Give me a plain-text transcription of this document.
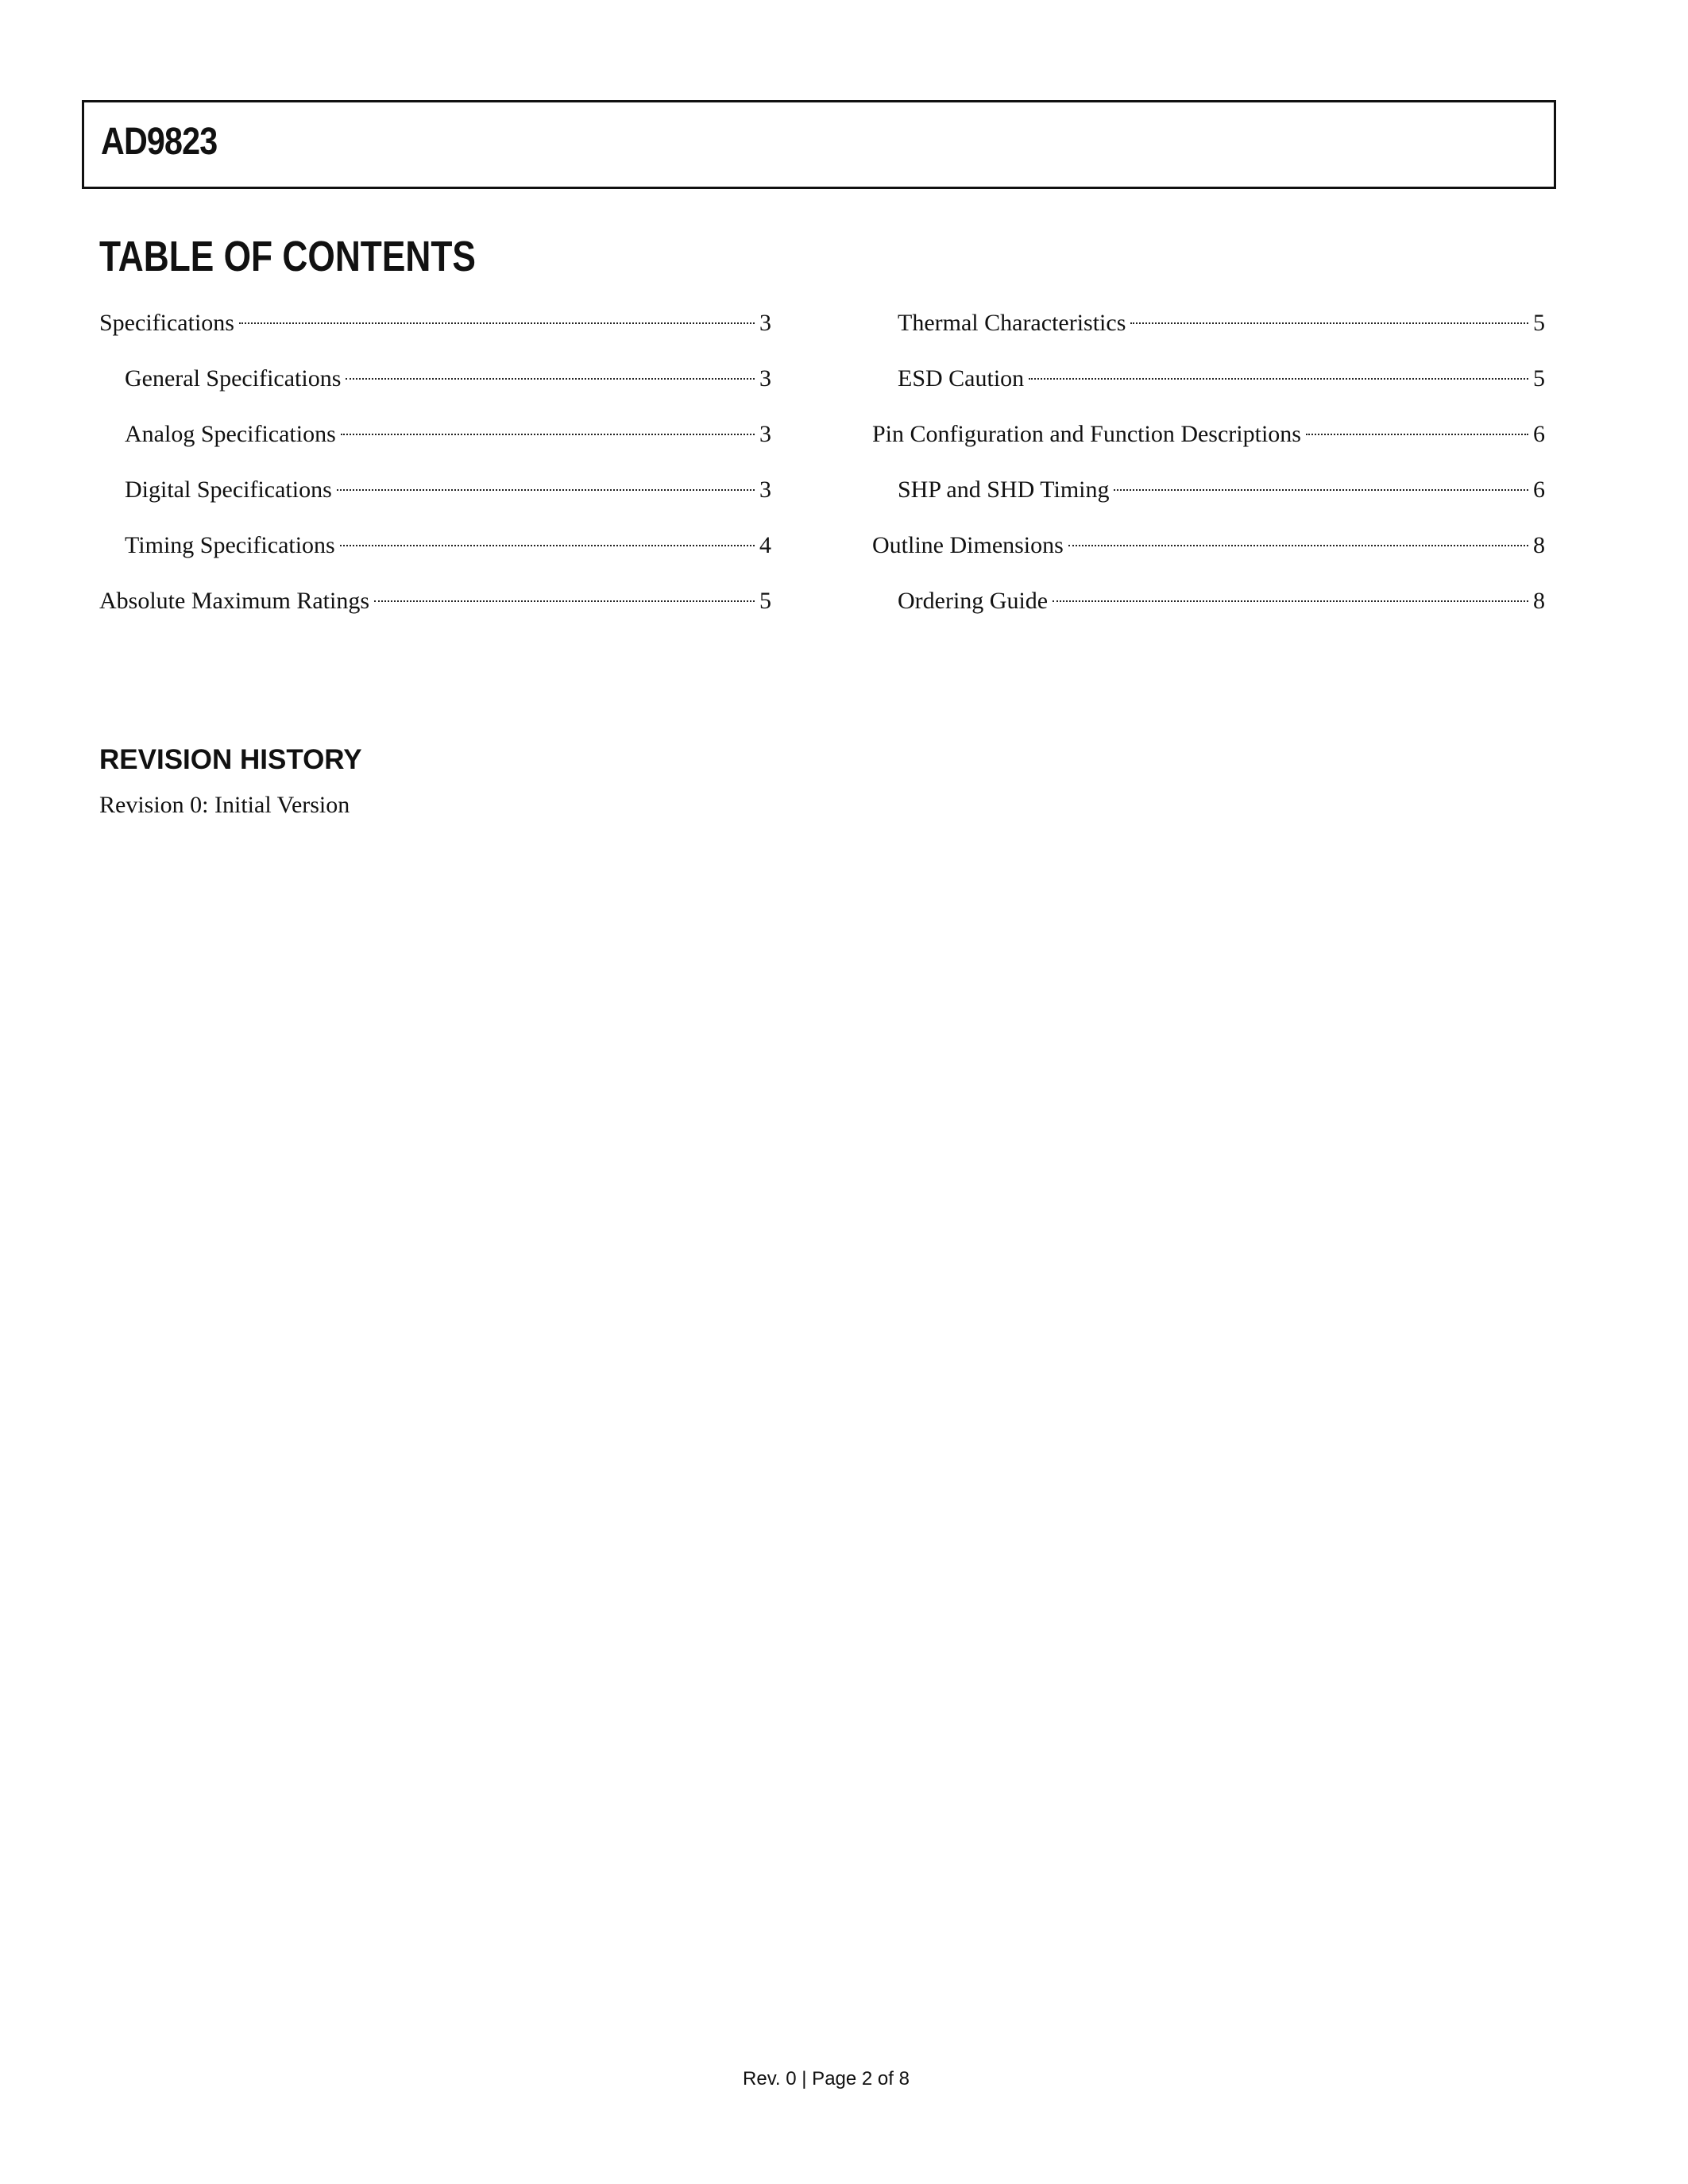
AD9823
TABLE OF CONTENTS
Specifications	3
General Specifications	3
Analog Specifications	3
Digital Specifications	3
Timing Specifications	4
Absolute Maximum Ratings	5
Thermal Characteristics	5
ESD Caution	5
Pin Configuration and Function Descriptions	6
SHP and SHD Timing	6
Outline Dimensions	8
Ordering Guide	8
REVISION HISTORY
Revision 0: Initial Version
Rev. 0 | Page 2 of 8
